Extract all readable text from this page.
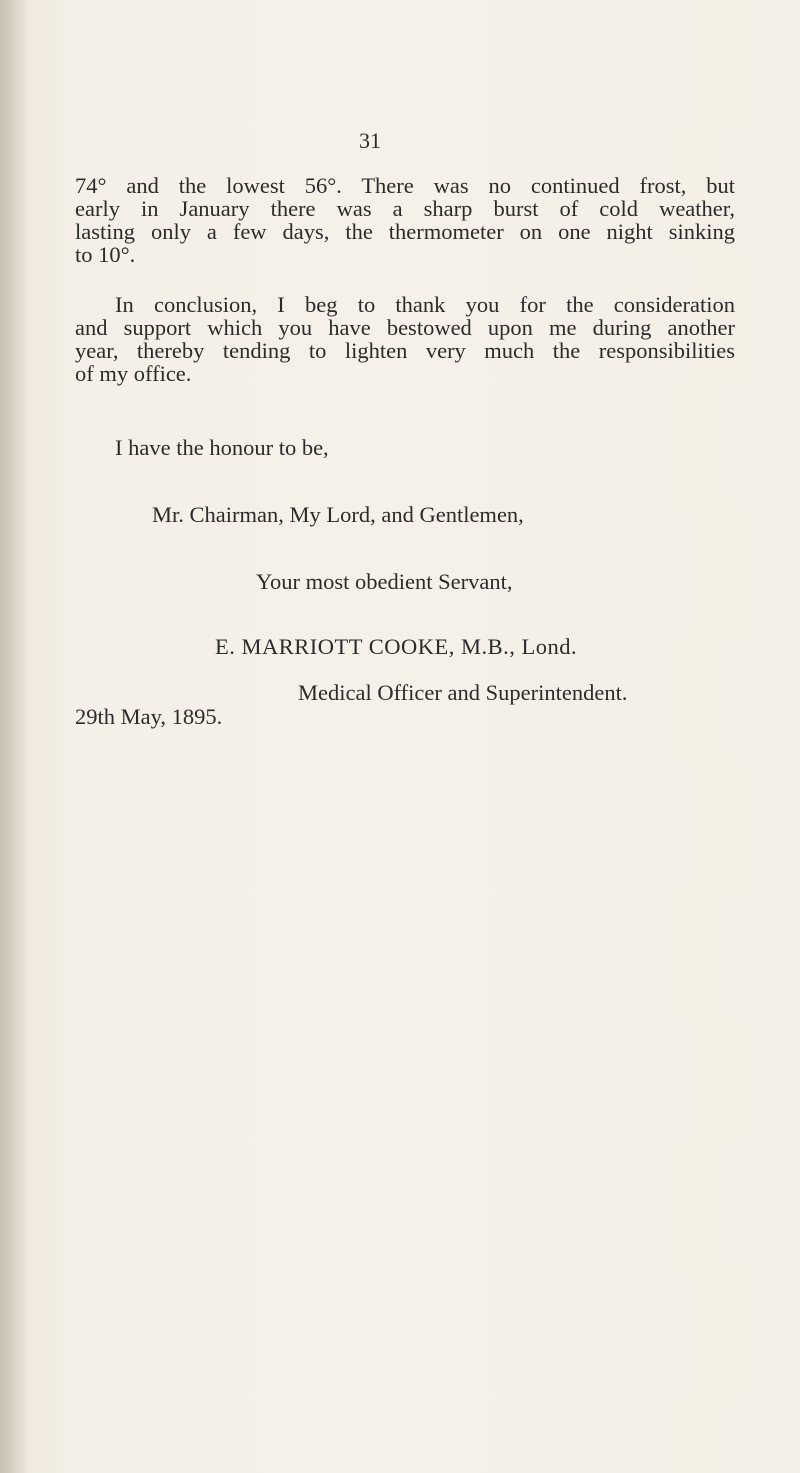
31
74° and the lowest 56°. There was no continued frost, but
early in January there was a sharp burst of cold weather,
lasting only a few days, the thermometer on one night sinking
to 10°.
In conclusion, I beg to thank you for the consideration
and support which you have bestowed upon me during another
year, thereby tending to lighten very much the responsibilities
of my office.
I have the honour to be,
Mr. Chairman, My Lord, and Gentlemen,
Your most obedient Servant,
E. MARRIOTT COOKE, M.B., Lond.
Medical Officer and Superintendent.
29th May, 1895.
